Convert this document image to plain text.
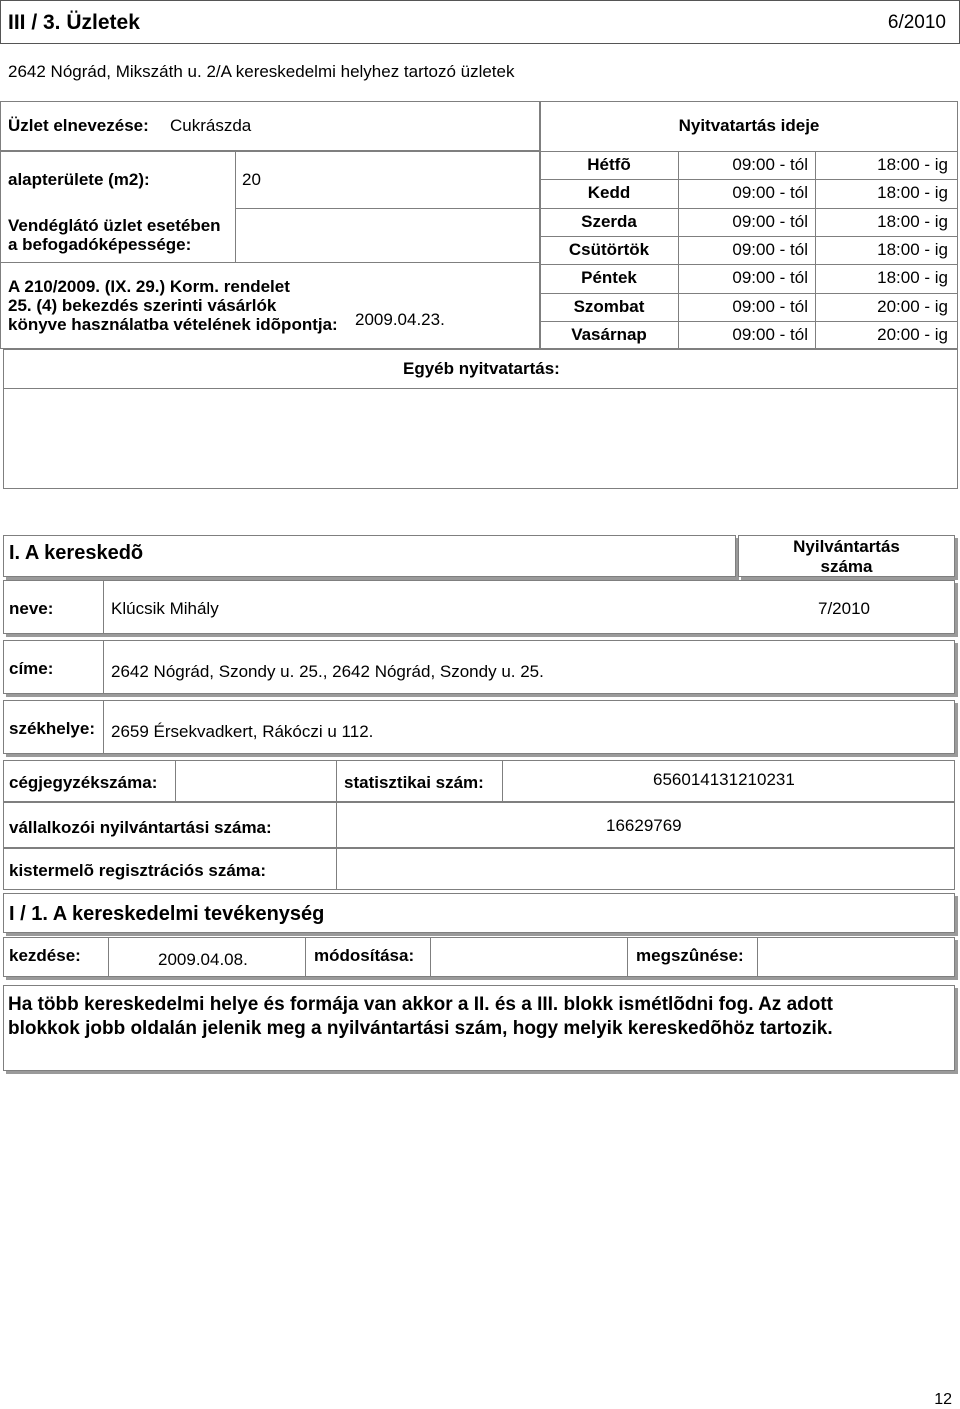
III / 3. Üzletek	6/2010
2642 Nógrád, Mikszáth u. 2/A kereskedelmi helyhez tartozó üzletek
Üzlet elnevezése: Cukrászda
alapterülete (m2):	20
Vendéglátó üzlet esetében
a befogadóképessége:
A 210/2009. (IX. 29.) Korm. rendelet
25. (4) bekezdés szerinti vásárlók
könyve használatba vételének idõpontja: 2009.04.23.
Nyitvatartás ideje
Hétfõ	09:00 - tól	18:00 - ig
Kedd	09:00 - tól	18:00 - ig
Szerda	09:00 - tól	18:00 - ig
Csütörtök	09:00 - tól	18:00 - ig
Péntek	09:00 - tól	18:00 - ig
Szombat	09:00 - tól	20:00 - ig
Vasárnap	09:00 - tól	20:00 - ig
Egyéb nyitvatartás:
I. A kereskedõ	Nyilvántartás
száma
neve:	Klúcsik Mihály	7/2010
címe:	2642 Nógrád, Szondy u. 25., 2642 Nógrád, Szondy u. 25.
székhelye: 2659 Érsekvadkert, Rákóczi u 112.
cégjegyzékszáma:	statisztikai szám:	656014131210231
vállalkozói nyilvántartási száma:	16629769
kistermelõ regisztrációs száma:
I / 1. A kereskedelmi tevékenység
kezdése:	2009.04.08.	módosítása:	megszûnése:
Ha több kereskedelmi helye és formája van akkor a II. és a III. blokk ismétlõdni fog. Az adott blokkok jobb oldalán jelenik meg a nyilvántartási szám, hogy melyik kereskedõhöz tartozik.
12
